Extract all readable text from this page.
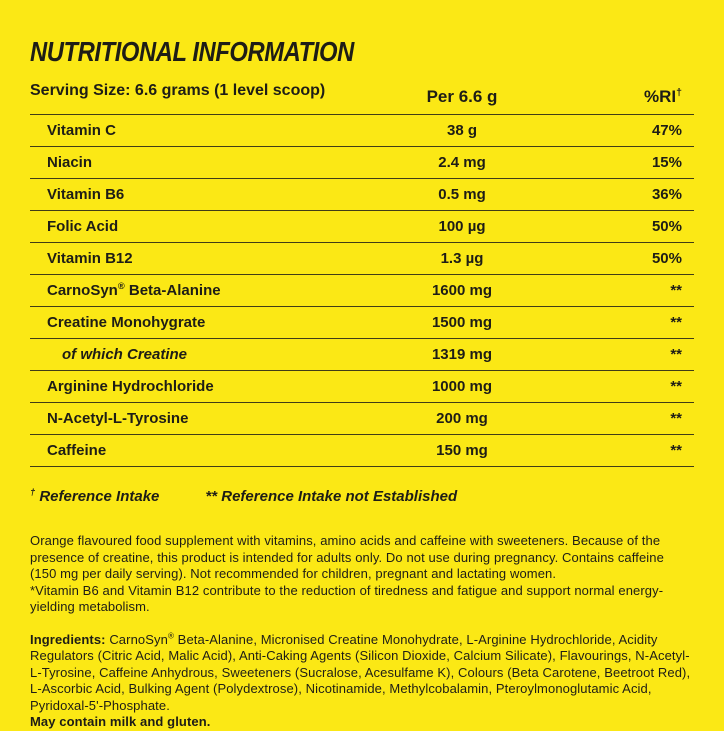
NUTRITIONAL INFORMATION
Serving Size: 6.6 grams (1 level scoop)	Per 6.6 g	%RI†
Vitamin C	38 g	47%
Niacin	2.4 mg	15%
Vitamin B6	0.5 mg	36%
Folic Acid	100 µg	50%
Vitamin B12	1.3 µg	50%
CarnoSyn® Beta-Alanine	1600 mg	**
Creatine Monohygrate	1500 mg	**
of which Creatine	1319 mg	**
Arginine Hydrochloride	1000 mg	**
N-Acetyl-L-Tyrosine	200 mg	**
Caffeine	150 mg	**
† Reference Intake	** Reference Intake not Established

Orange flavoured food supplement with vitamins, amino acids and caffeine with sweeteners. Because of the presence of creatine, this product is intended for adults only. Do not use during pregnancy. Contains caffeine (150 mg per daily serving). Not recommended for children, pregnant and lactating women.
*Vitamin B6 and Vitamin B12 contribute to the reduction of tiredness and fatigue and support normal energy-yielding metabolism.

Ingredients: CarnoSyn® Beta-Alanine, Micronised Creatine Monohydrate, L-Arginine Hydrochloride, Acidity Regulators (Citric Acid, Malic Acid), Anti-Caking Agents (Silicon Dioxide, Calcium Silicate), Flavourings, N-Acetyl-L-Tyrosine, Caffeine Anhydrous, Sweeteners (Sucralose, Acesulfame K), Colours (Beta Carotene, Beetroot Red), L-Ascorbic Acid, Bulking Agent (Polydextrose), Nicotinamide, Methylcobalamin, Pteroylmonoglutamic Acid, Pyridoxal-5'-Phosphate.
May contain milk and gluten.
